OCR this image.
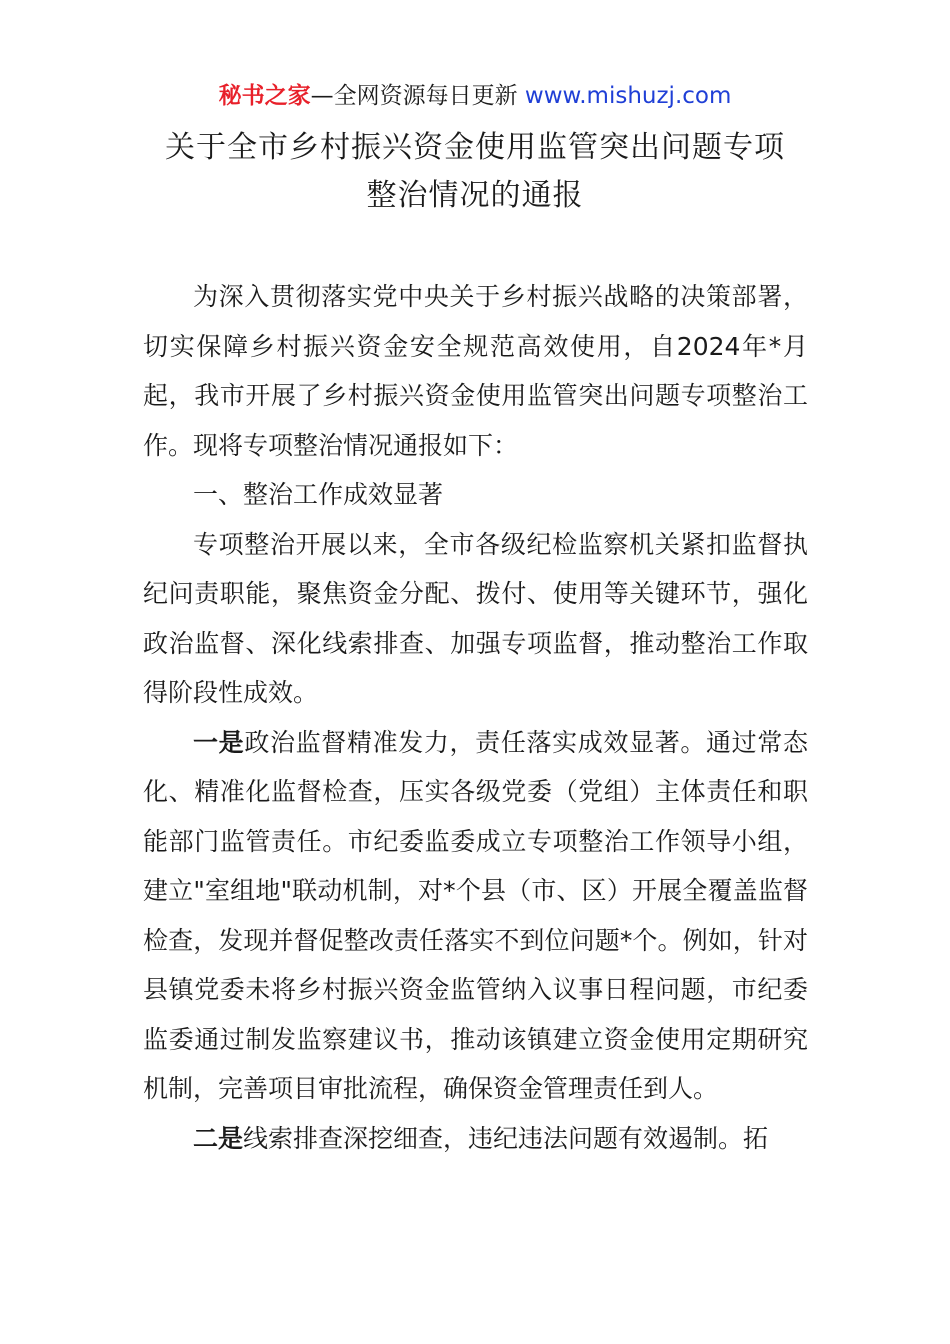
秘书之家—全网资源每日更新 www.mishuzj.com
关于全市乡村振兴资金使用监管突出问题专项
整治情况的通报

为深入贯彻落实党中央关于乡村振兴战略的决策部署，切实保障乡村振兴资金安全规范高效使用，自2024年*月起，我市开展了乡村振兴资金使用监管突出问题专项整治工作。现将专项整治情况通报如下：

一、整治工作成效显著

专项整治开展以来，全市各级纪检监察机关紧扣监督执纪问责职能，聚焦资金分配、拨付、使用等关键环节，强化政治监督、深化线索排查、加强专项监督，推动整治工作取得阶段性成效。

一是政治监督精准发力，责任落实成效显著。通过常态化、精准化监督检查，压实各级党委（党组）主体责任和职能部门监管责任。市纪委监委成立专项整治工作领导小组，建立"室组地"联动机制，对*个县（市、区）开展全覆盖监督检查，发现并督促整改责任落实不到位问题*个。例如，针对县镇党委未将乡村振兴资金监管纳入议事日程问题，市纪委监委通过制发监察建议书，推动该镇建立资金使用定期研究机制，完善项目审批流程，确保资金管理责任到人。

二是线索排查深挖细查，违纪违法问题有效遏制。拓
